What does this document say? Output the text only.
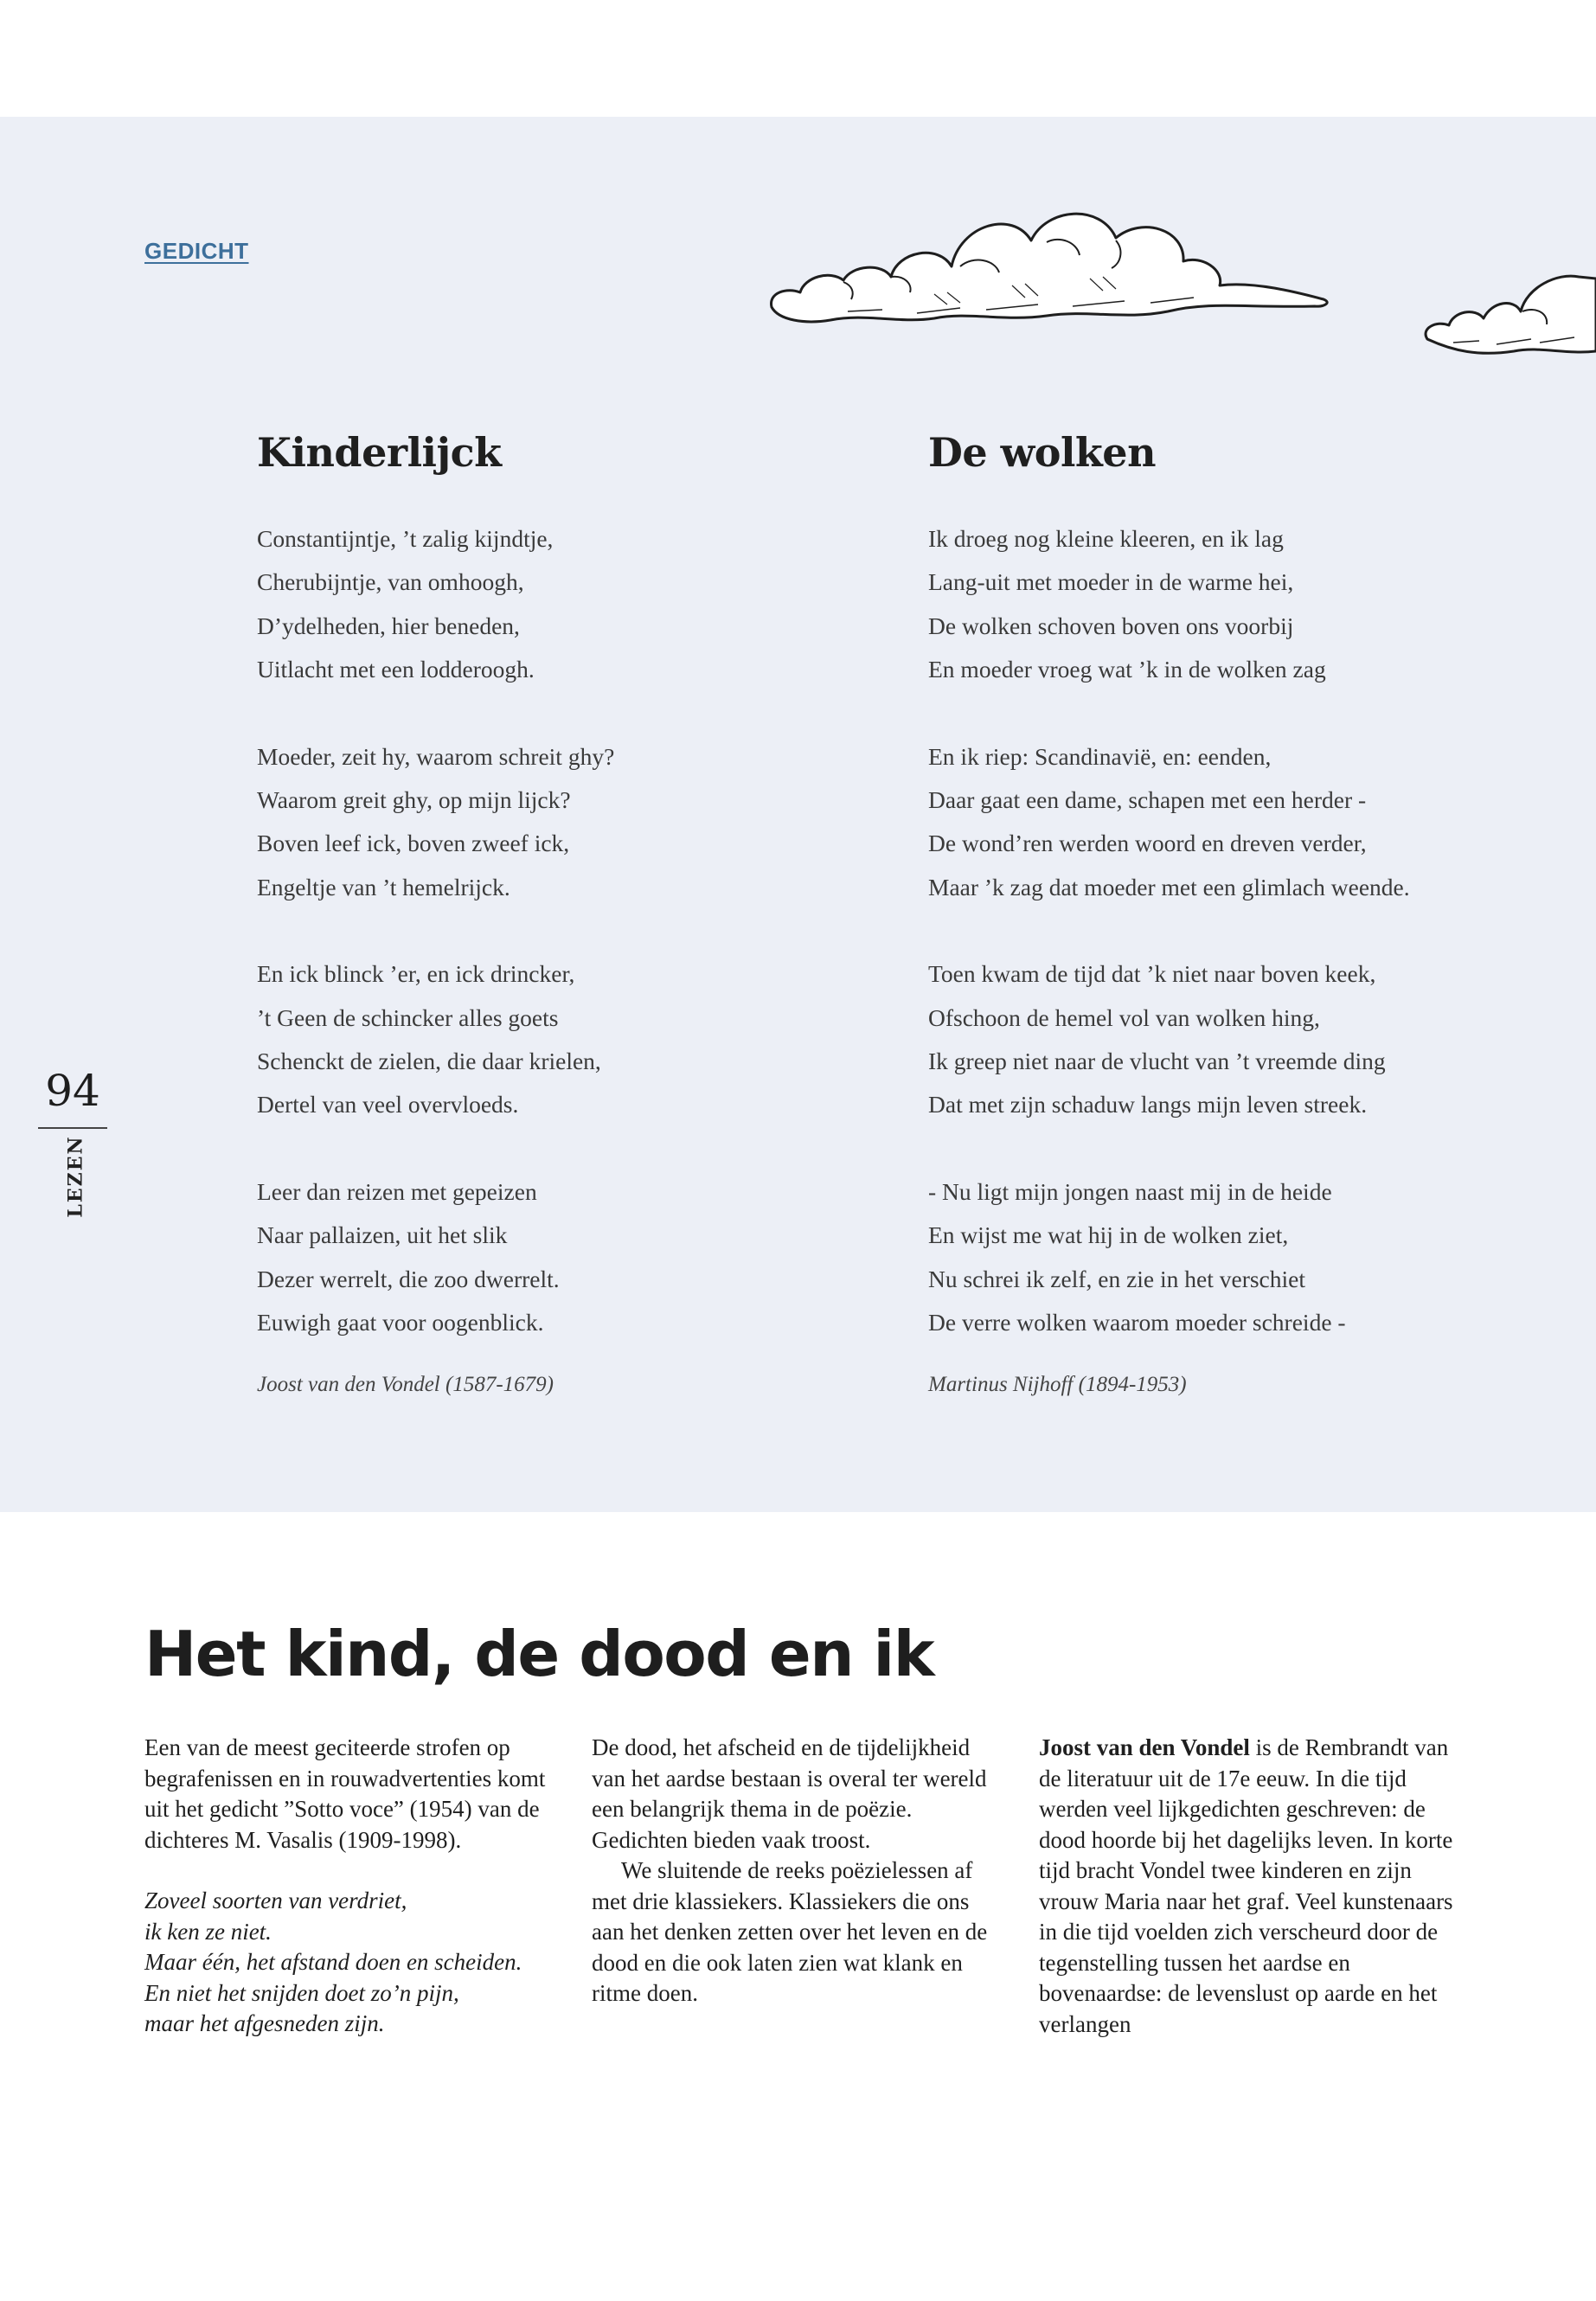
GEDICHT
Kinderlijck
Constantijntje, ’t zalig kijndtje,
Cherubijntje, van omhoogh,
D’ydelheden, hier beneden,
Uitlacht met een lodderoogh.
Moeder, zeit hy, waarom schreit ghy?
Waarom greit ghy, op mijn lijck?
Boven leef ick, boven zweef ick,
Engeltje van ’t hemelrijck.
En ick blinck ’er, en ick drincker,
’t Geen de schincker alles goets
Schenckt de zielen, die daar krielen,
Dertel van veel overvloeds.
Leer dan reizen met gepeizen
Naar pallaizen, uit het slik
Dezer werrelt, die zoo dwerrelt.
Euwigh gaat voor oogenblick.
Joost van den Vondel (1587-1679)
De wolken
Ik droeg nog kleine kleeren, en ik lag
Lang-uit met moeder in de warme hei,
De wolken schoven boven ons voorbij
En moeder vroeg wat ’k in de wolken zag
En ik riep: Scandinavië, en: eenden,
Daar gaat een dame, schapen met een herder -
De wond’ren werden woord en dreven verder,
Maar ’k zag dat moeder met een glimlach weende.
Toen kwam de tijd dat ’k niet naar boven keek,
Ofschoon de hemel vol van wolken hing,
Ik greep niet naar de vlucht van ’t vreemde ding
Dat met zijn schaduw langs mijn leven streek.
- Nu ligt mijn jongen naast mij in de heide
En wijst me wat hij in de wolken ziet,
Nu schrei ik zelf, en zie in het verschiet
De verre wolken waarom moeder schreide -
Martinus Nijhoff (1894-1953)
94
LEZEN
Het kind, de dood en ik

Een van de meest geciteerde strofen op begrafenissen en in rouwadvertenties komt uit het gedicht ”Sotto voce” (1954) van de dichteres M. Vasalis (1909-1998).

Zoveel soorten van verdriet,
ik ken ze niet.
Maar één, het afstand doen en scheiden.
En niet het snijden doet zo’n pijn,
maar het afgesneden zijn.

De dood, het afscheid en de tijdelijkheid van het aardse bestaan is overal ter wereld een belangrijk thema in de poëzie. Gedichten bieden vaak troost.

We sluitende de reeks poëzielessen af met drie klassiekers. Klassiekers die ons aan het denken zetten over het leven en de dood en die ook laten zien wat klank en ritme doen.

Joost van den Vondel is de Rembrandt van de literatuur uit de 17e eeuw. In die tijd werden veel lijkgedichten geschreven: de dood hoorde bij het dagelijks leven. In korte tijd bracht Vondel twee kinderen en zijn vrouw Maria naar het graf. Veel kunstenaars in die tijd voelden zich verscheurd door de tegenstelling tussen het aardse en bovenaardse: de levenslust op aarde en het verlangen
